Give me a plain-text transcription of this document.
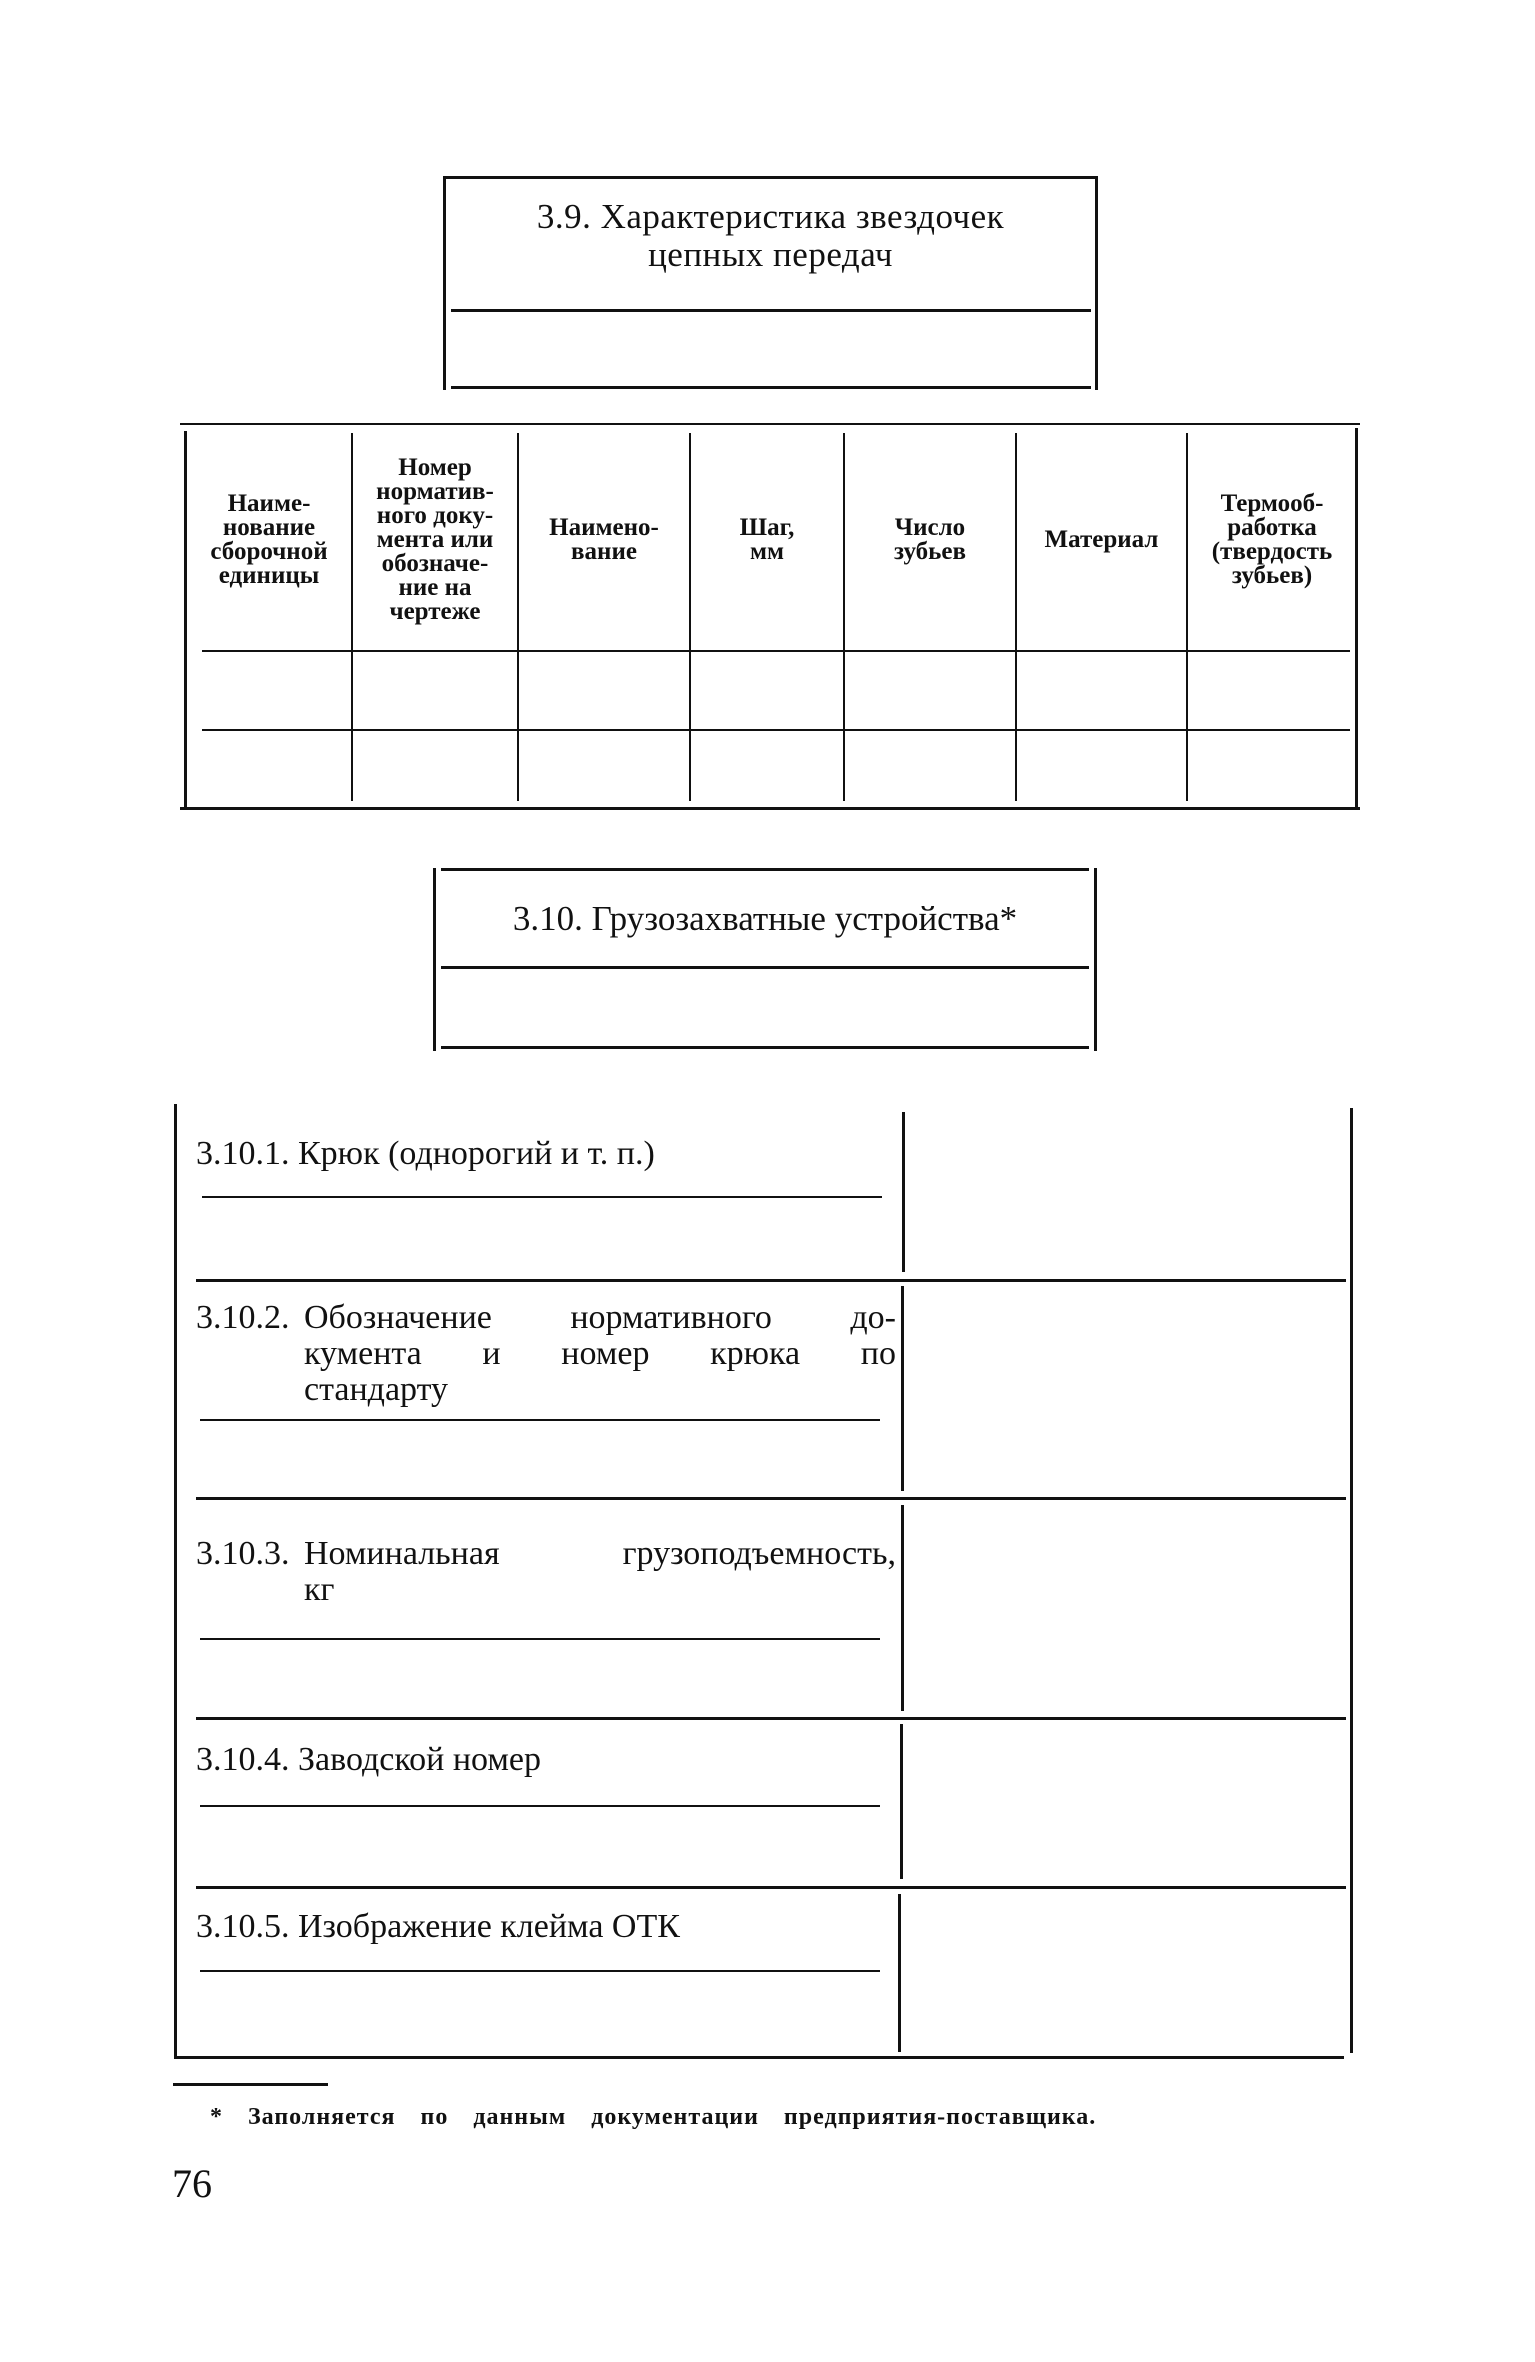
3.9. Характеристика звездочек
цепных передач
Наиме-
нование
сборочной
единицы
Номер
норматив-
ного доку-
мента или
обозначе-
ние на
чертеже
Наимено-
вание
Шаг,
мм
Число
зубьев	Материал
Термооб-
работка
(твердость
зубьев)
3.10. Грузозахватные устройства*
3.10.1. Крюк (однорогий и т. п.)
3.10.2. Обозначение нормативного до-
кумента и номер крюка по
стандарту
3.10.3. Номинальная грузоподъемность,
кг
3.10.4. Заводской номер
3.10.5. Изображение клейма ОТК
* Заполняется по данным документации предприятия-поставщика.
76
